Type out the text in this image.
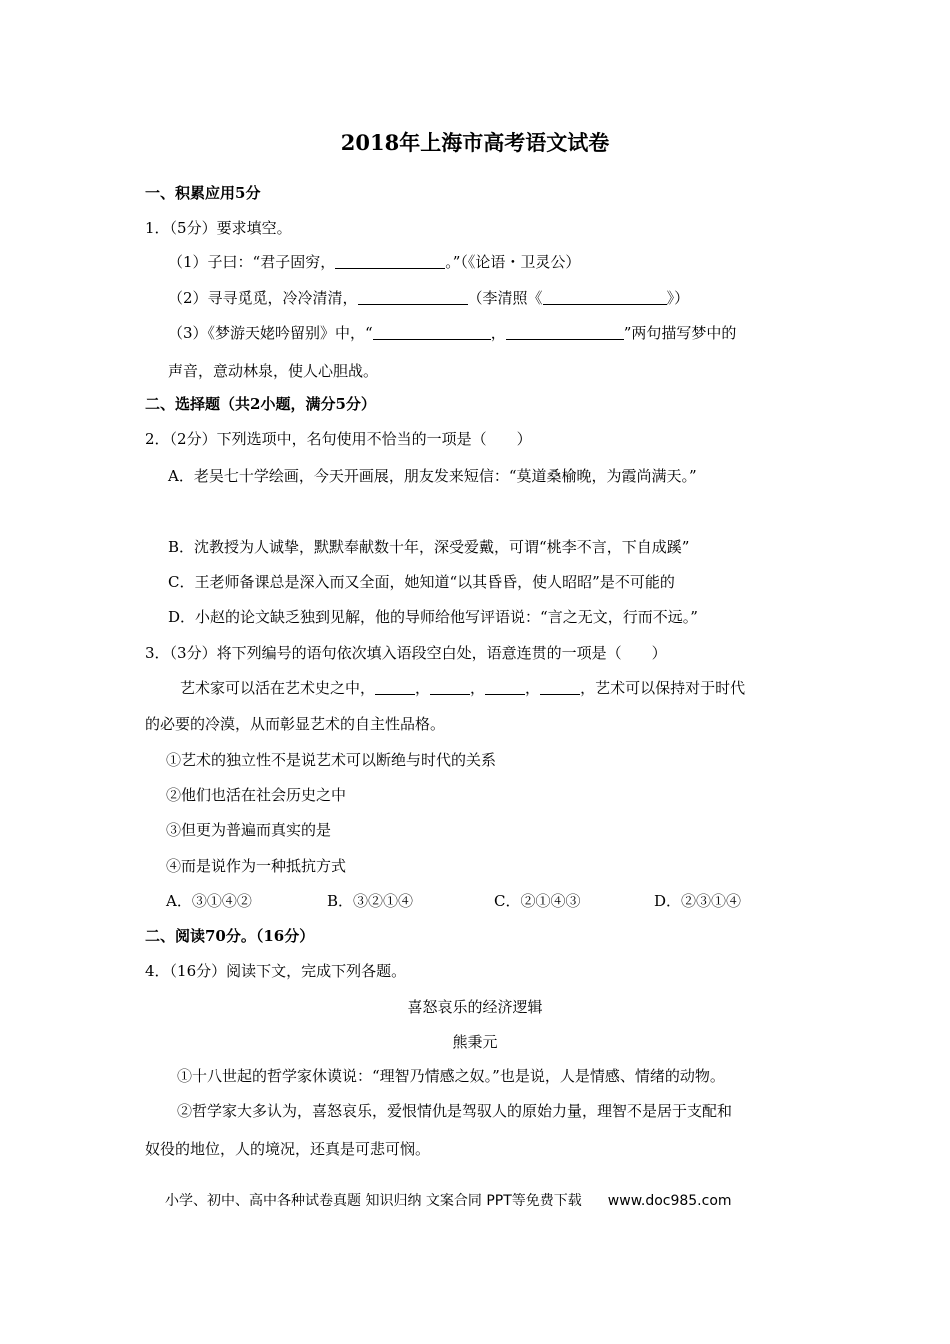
2018年上海市高考语文试卷
一、积累应用5分
1．（5分）要求填空。
（1）子曰：“君子固穷，	。”（《论语・卫灵公）
（2）寻寻觅觅，冷冷清清，	（李清照《	》）
（3）《梦游天姥吟留别》中，“	，	”两句描写梦中的
声音，意动林泉，使人心胆战。
二、选择题（共2小题，满分5分）
2．（2分）下列选项中，名句使用不恰当的一项是（　　）
A．老吴七十学绘画，今天开画展，朋友发来短信：“莫道桑榆晚，为霞尚满天。”
B．沈教授为人诚挚，默默奉献数十年，深受爱戴，可谓“桃李不言，下自成蹊”
C．王老师备课总是深入而又全面，她知道“以其昏昏，使人昭昭”是不可能的
D．小赵的论文缺乏独到见解，他的导师给他写评语说：“言之无文，行而不远。”
3．（3分）将下列编号的语句依次填入语段空白处，语意连贯的一项是（　　）
艺术家可以活在艺术史之中，	，	，	，	，艺术可以保持对于时代
的必要的冷漠，从而彰显艺术的自主性品格。
①艺术的独立性不是说艺术可以断绝与时代的关系
②他们也活在社会历史之中
③但更为普遍而真实的是
④而是说作为一种抵抗方式
A．③①④②	B．③②①④	C．②①④③	D．②③①④
二、阅读70分。（16分）
4．（16分）阅读下文，完成下列各题。
喜怒哀乐的经济逻辑
熊秉元
①十八世起的哲学家休谟说：“理智乃情感之奴。”也是说，人是情感、情绪的动物。
②哲学家大多认为，喜怒哀乐，爱恨情仇是驾驭人的原始力量，理智不是居于支配和
奴役的地位，人的境况，还真是可悲可悯。
小学、初中、高中各种试卷真题 知识归纳 文案合同 PPT等免费下载 www.doc985.com
